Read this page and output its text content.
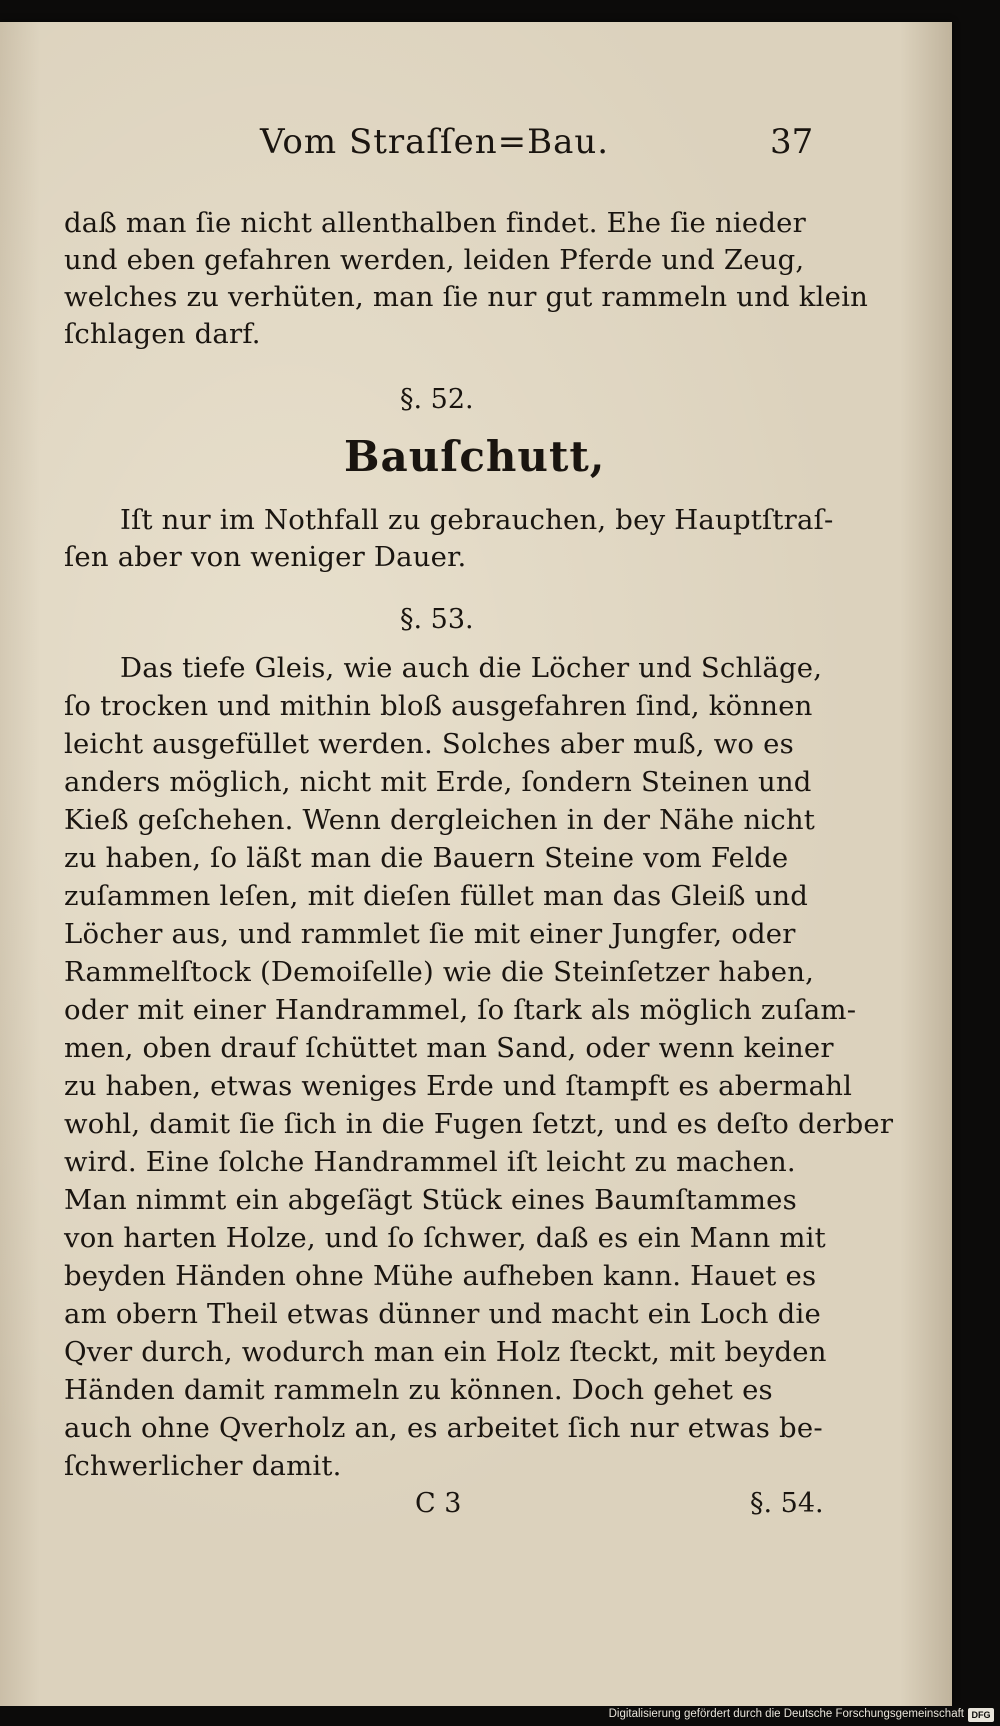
Vom Straſſen=Bau.	37
daß man ſie nicht allenthalben findet. Ehe ſie nieder
und eben gefahren werden, leiden Pferde und Zeug,
welches zu verhüten, man ſie nur gut rammeln und klein
ſchlagen darf.
§. 52.
Bauſchutt,
Iſt nur im Nothfall zu gebrauchen, bey Hauptſtraſ-
ſen aber von weniger Dauer.
§. 53.
Das tiefe Gleis, wie auch die Löcher und Schläge,
ſo trocken und mithin bloß ausgefahren ſind, können
leicht ausgefüllet werden. Solches aber muß, wo es
anders möglich, nicht mit Erde, ſondern Steinen und
Kieß geſchehen. Wenn dergleichen in der Nähe nicht
zu haben, ſo läßt man die Bauern Steine vom Felde
zuſammen leſen, mit dieſen füllet man das Gleiß und
Löcher aus, und rammlet ſie mit einer Jungfer, oder
Rammelſtock (Demoiſelle) wie die Steinſetzer haben,
oder mit einer Handrammel, ſo ſtark als möglich zuſam-
men, oben drauf ſchüttet man Sand, oder wenn keiner
zu haben, etwas weniges Erde und ſtampft es abermahl
wohl, damit ſie ſich in die Fugen ſetzt, und es deſto derber
wird. Eine ſolche Handrammel iſt leicht zu machen.
Man nimmt ein abgeſägt Stück eines Baumſtammes
von harten Holze, und ſo ſchwer, daß es ein Mann mit
beyden Händen ohne Mühe aufheben kann. Hauet es
am obern Theil etwas dünner und macht ein Loch die
Qver durch, wodurch man ein Holz ſteckt, mit beyden
Händen damit rammeln zu können. Doch gehet es
auch ohne Qverholz an, es arbeitet ſich nur etwas be-
ſchwerlicher damit.
C 3	§. 54.
Digitalisierung gefördert durch die Deutsche Forschungsgemeinschaft DFG
